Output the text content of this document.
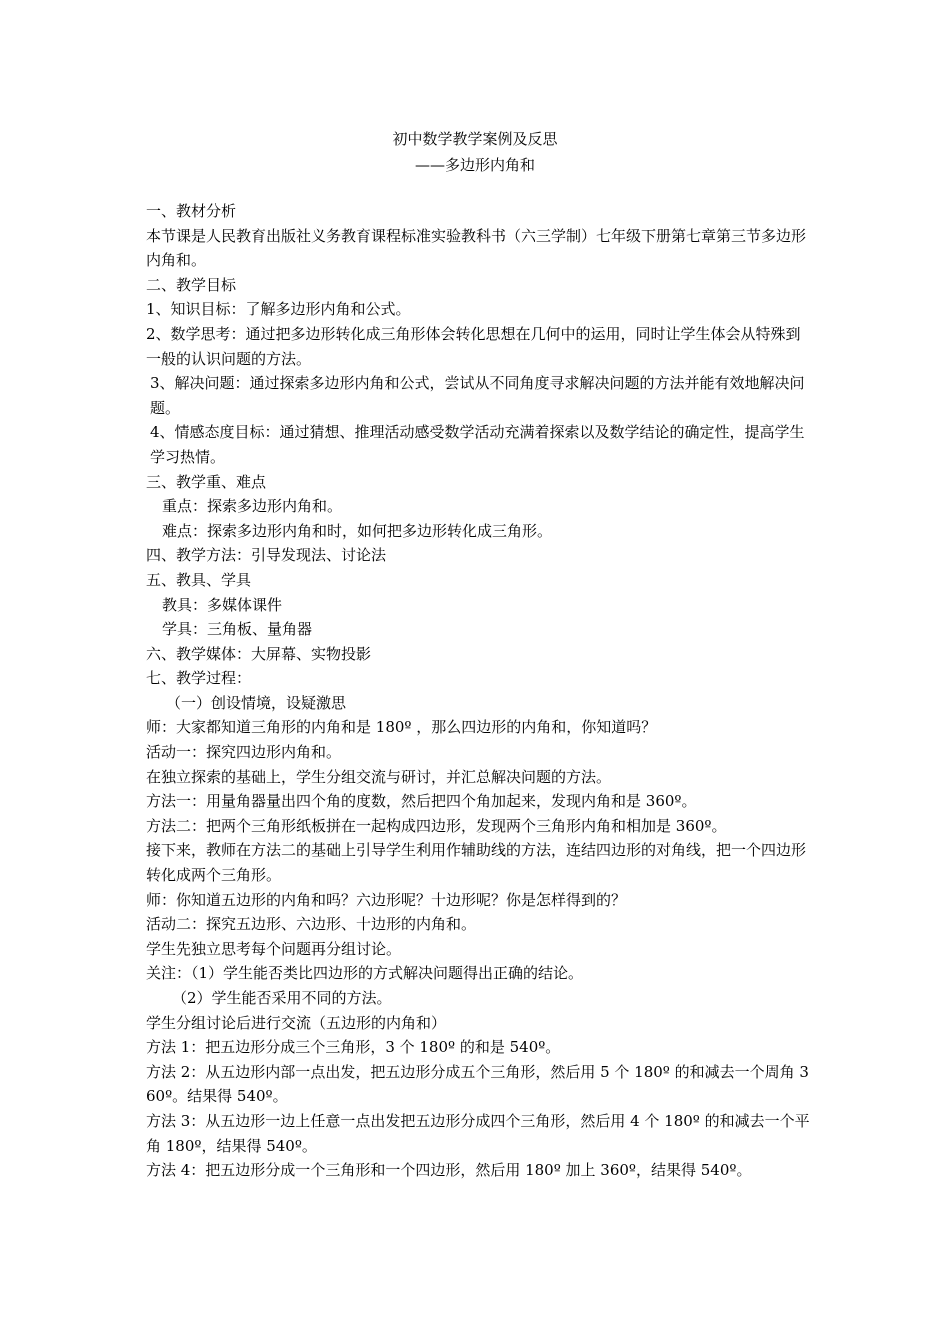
初中数学教学案例及反思
——多边形内角和

一、教材分析

本节课是人民教育出版社义务教育课程标准实验教科书（六三学制）七年级下册第七章第三节多边形内角和。

二、教学目标

1、知识目标：了解多边形内角和公式。

2、数学思考：通过把多边形转化成三角形体会转化思想在几何中的运用，同时让学生体会从特殊到一般的认识问题的方法。

3、解决问题：通过探索多边形内角和公式，尝试从不同角度寻求解决问题的方法并能有效地解决问题。

4、情感态度目标：通过猜想、推理活动感受数学活动充满着探索以及数学结论的确定性，提高学生学习热情。

三、教学重、难点

重点：探索多边形内角和。

难点：探索多边形内角和时，如何把多边形转化成三角形。

四、教学方法：引导发现法、讨论法

五、教具、学具

教具：多媒体课件

学具：三角板、量角器

六、教学媒体：大屏幕、实物投影

七、教学过程：

（一）创设情境，设疑激思

师：大家都知道三角形的内角和是 180º ，那么四边形的内角和，你知道吗？

活动一：探究四边形内角和。

在独立探索的基础上，学生分组交流与研讨，并汇总解决问题的方法。

方法一：用量角器量出四个角的度数，然后把四个角加起来，发现内角和是 360º。

方法二：把两个三角形纸板拼在一起构成四边形，发现两个三角形内角和相加是 360º。

接下来，教师在方法二的基础上引导学生利用作辅助线的方法，连结四边形的对角线，把一个四边形转化成两个三角形。

师：你知道五边形的内角和吗？六边形呢？十边形呢？你是怎样得到的？

活动二：探究五边形、六边形、十边形的内角和。

学生先独立思考每个问题再分组讨论。

关注：（1）学生能否类比四边形的方式解决问题得出正确的结论。

（2）学生能否采用不同的方法。

学生分组讨论后进行交流（五边形的内角和）

方法 1：把五边形分成三个三角形，3 个 180º 的和是 540º。

方法 2：从五边形内部一点出发，把五边形分成五个三角形，然后用 5 个 180º 的和减去一个周角 360º。结果得 540º。

方法 3：从五边形一边上任意一点出发把五边形分成四个三角形，然后用 4 个 180º 的和减去一个平角 180º，结果得 540º。

方法 4：把五边形分成一个三角形和一个四边形，然后用 180º 加上 360º，结果得 540º。
